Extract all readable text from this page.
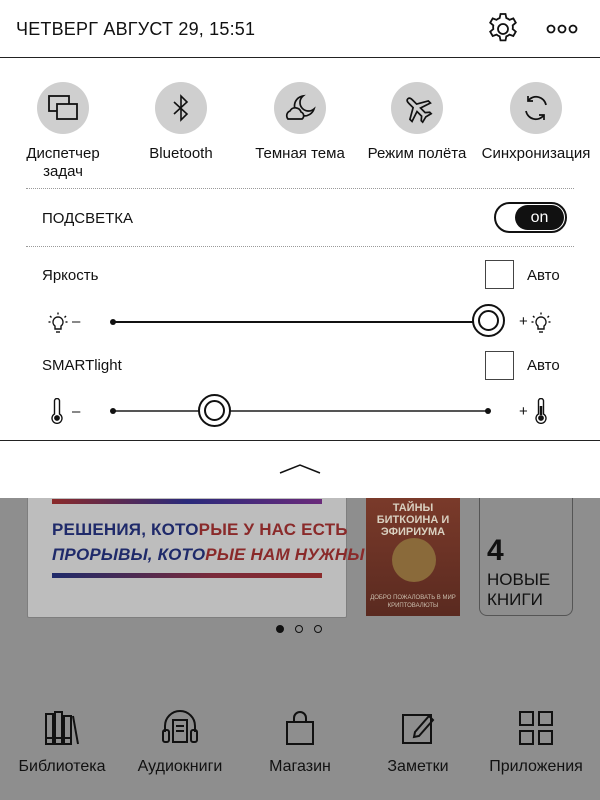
РЕШЕНИЯ, КОТОРЫЕ У НАС ЕСТЬ
ПРОРЫВЫ, КОТОРЫЕ НАМ НУЖНЫ
ТАЙНЫ БИТКОИНА И ЭФИРИУМА
ДОБРО ПОЖАЛОВАТЬ В МИР КРИПТОВАЛЮТЫ
4
НОВЫЕ
КНИГИ
Библиотека	Аудиокниги	Магазин	Заметки	Приложения
ЧЕТВЕРГ АВГУСТ 29, 15:51
Диспетчер
задач
Bluetooth	Темная тема	Режим полёта	Синхронизация
ПОДСВЕТКА	on
Яркость	Авто
–	+
SMARTlight	Авто
–	+
